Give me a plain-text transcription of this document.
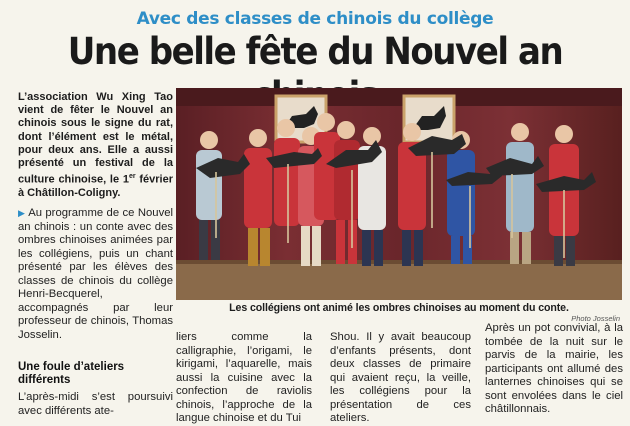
Avec des classes de chinois du collège
Une belle fête du Nouvel an
L’association Wu Xing Tao vient de fêter le Nouvel an chinois sous le signe du rat, dont l’élément est le métal, pour deux ans. Elle a aussi présenté un festival de la culture chinoise, le 1er février à Châtillon-Coligny.
Les collégiens ont animé les ombres chinoises au moment du conte.
Photo Josselin
▶ Au programme de ce Nouvel an chinois : un conte avec des ombres chinoises animées par les collégiens, puis un chant présenté par les élèves des classes de chinois du collège Henri-Becquerel, accompagnés par leur professeur de chinois, Thomas Josselin.
Une foule d’ateliers différents
L’après-midi s’est poursuivi avec différents ate-
liers comme la calligraphie, l’origami, le kirigami, l’aquarelle, mais aussi la cuisine avec la confection de raviolis chinois, l’approche de la langue chinoise et du Tui
Shou. Il y avait beaucoup d’enfants présents, dont deux classes de primaire qui avaient reçu, la veille, les collégiens pour la présentation de ces ateliers.
Après un pot convivial, à la tombée de la nuit sur le parvis de la mairie, les participants ont allumé des lanternes chinoises qui se sont envolées dans le ciel châtillonnais.
